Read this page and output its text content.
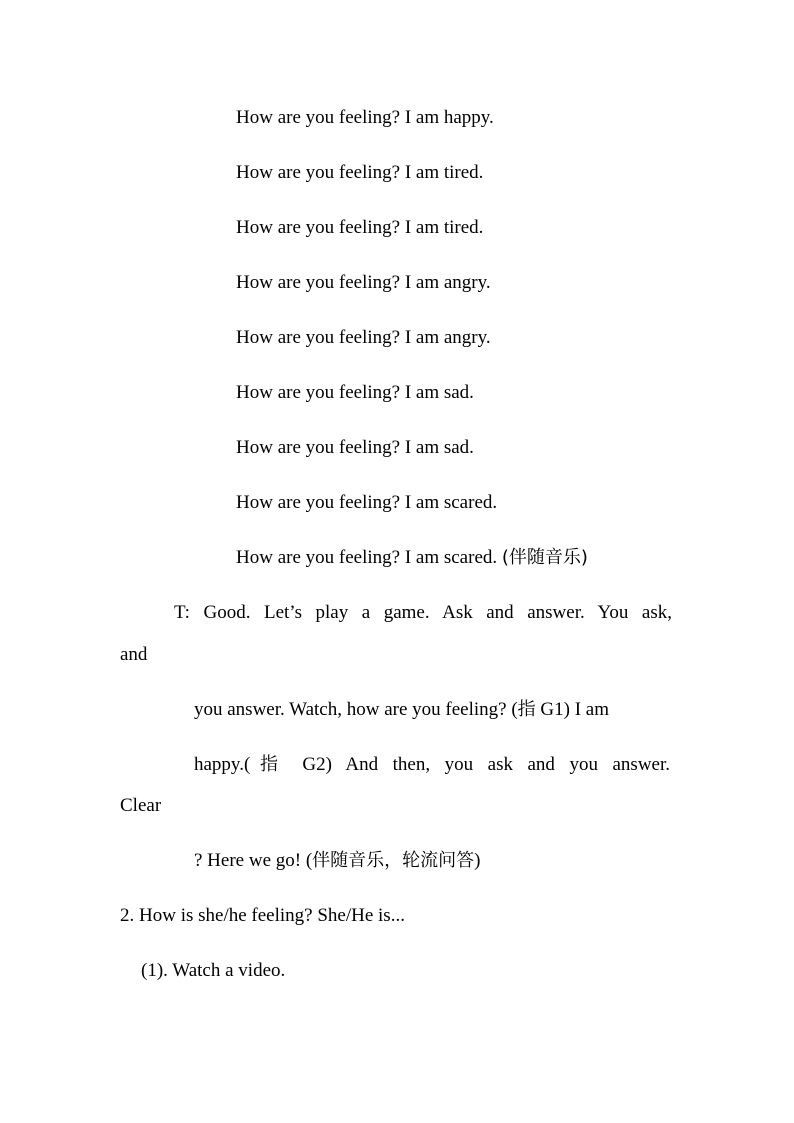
How are you feeling? I am happy.
How are you feeling? I am tired.
How are you feeling? I am tired.
How are you feeling? I am angry.
How are you feeling? I am angry.
How are you feeling? I am sad.
How are you feeling? I am sad.
How are you feeling? I am scared.
How are you feeling? I am scared. (伴随音乐)
T: Good. Let’s play a game. Ask and answer. You ask,
and
you answer. Watch, how are you feeling? (指 G1) I am
happy.(指 G2) And then, you ask and you answer.
Clear
? Here we go! (伴随音乐，轮流问答)
2. How is she/he feeling? She/He is...
(1). Watch a video.
